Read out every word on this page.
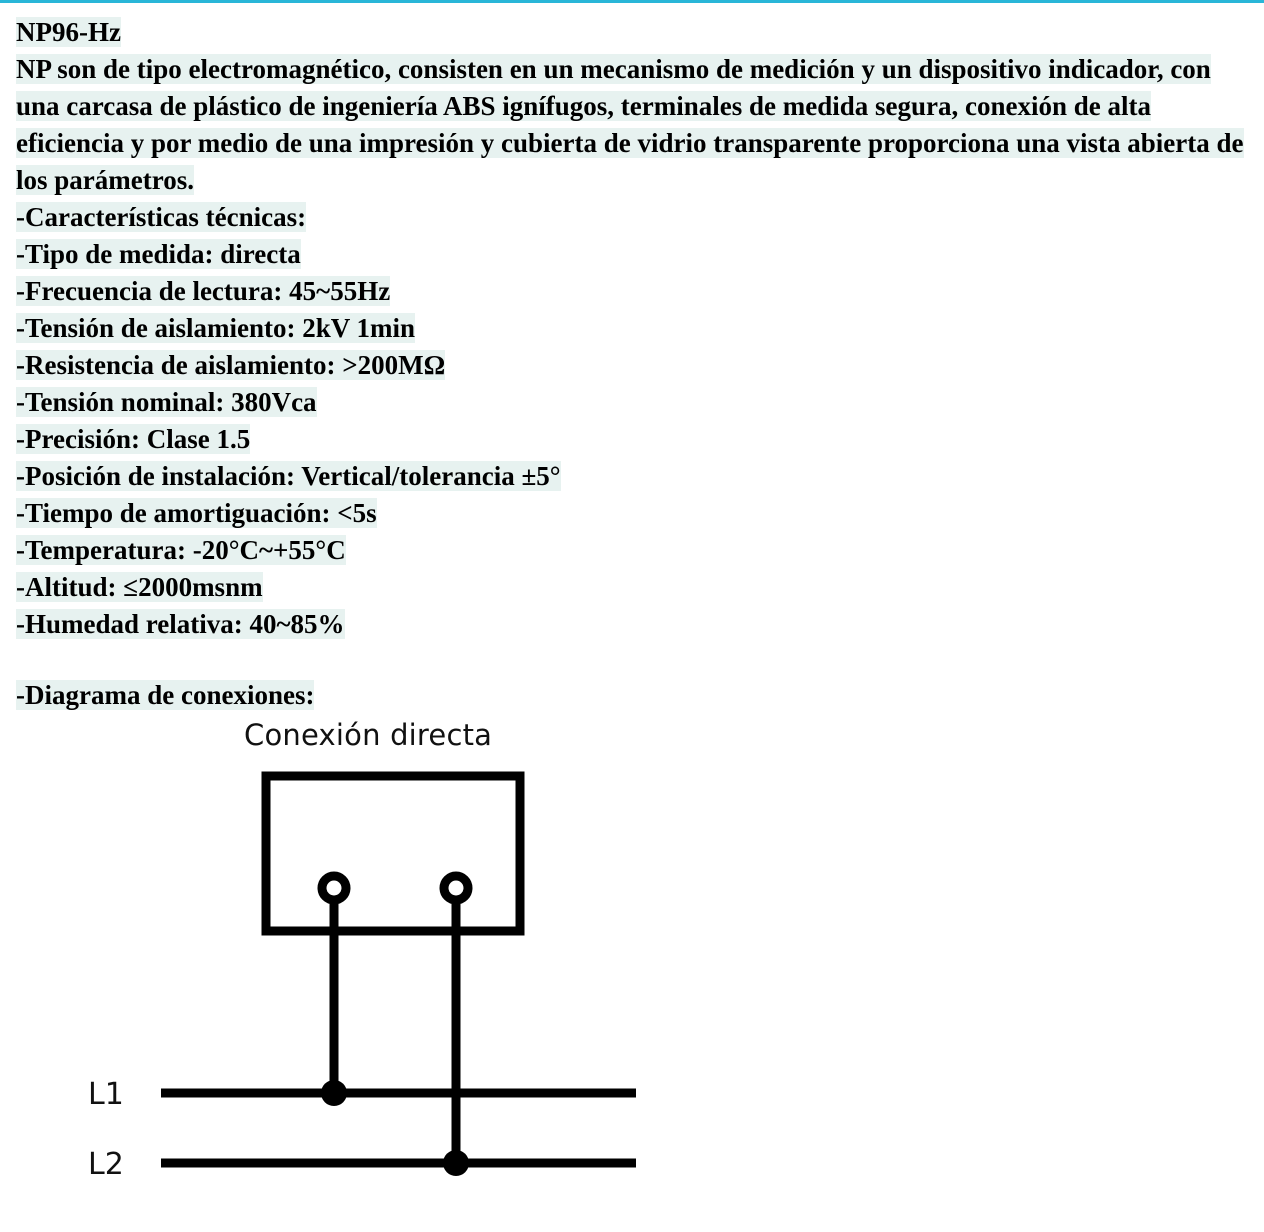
NP96-Hz
NP son de tipo electromagnético, consisten en un mecanismo de medición y un dispositivo indicador, con una carcasa de plástico de ingeniería ABS ignífugos, terminales de medida segura, conexión de alta eficiencia y por medio de una impresión y cubierta de vidrio transparente proporciona una vista abierta de los parámetros.
-Características técnicas:
-Tipo de medida: directa
-Frecuencia de lectura: 45~55Hz
-Tensión de aislamiento: 2kV 1min
-Resistencia de aislamiento: >200MΩ
-Tensión nominal: 380Vca
-Precisión: Clase 1.5
-Posición de instalación: Vertical/tolerancia ±5°
-Tiempo de amortiguación: <5s
-Temperatura: -20°C~+55°C
-Altitud: ≤2000msnm
-Humedad relativa: 40~85%
-Diagrama de conexiones:
Conexión directa
L1
L2
